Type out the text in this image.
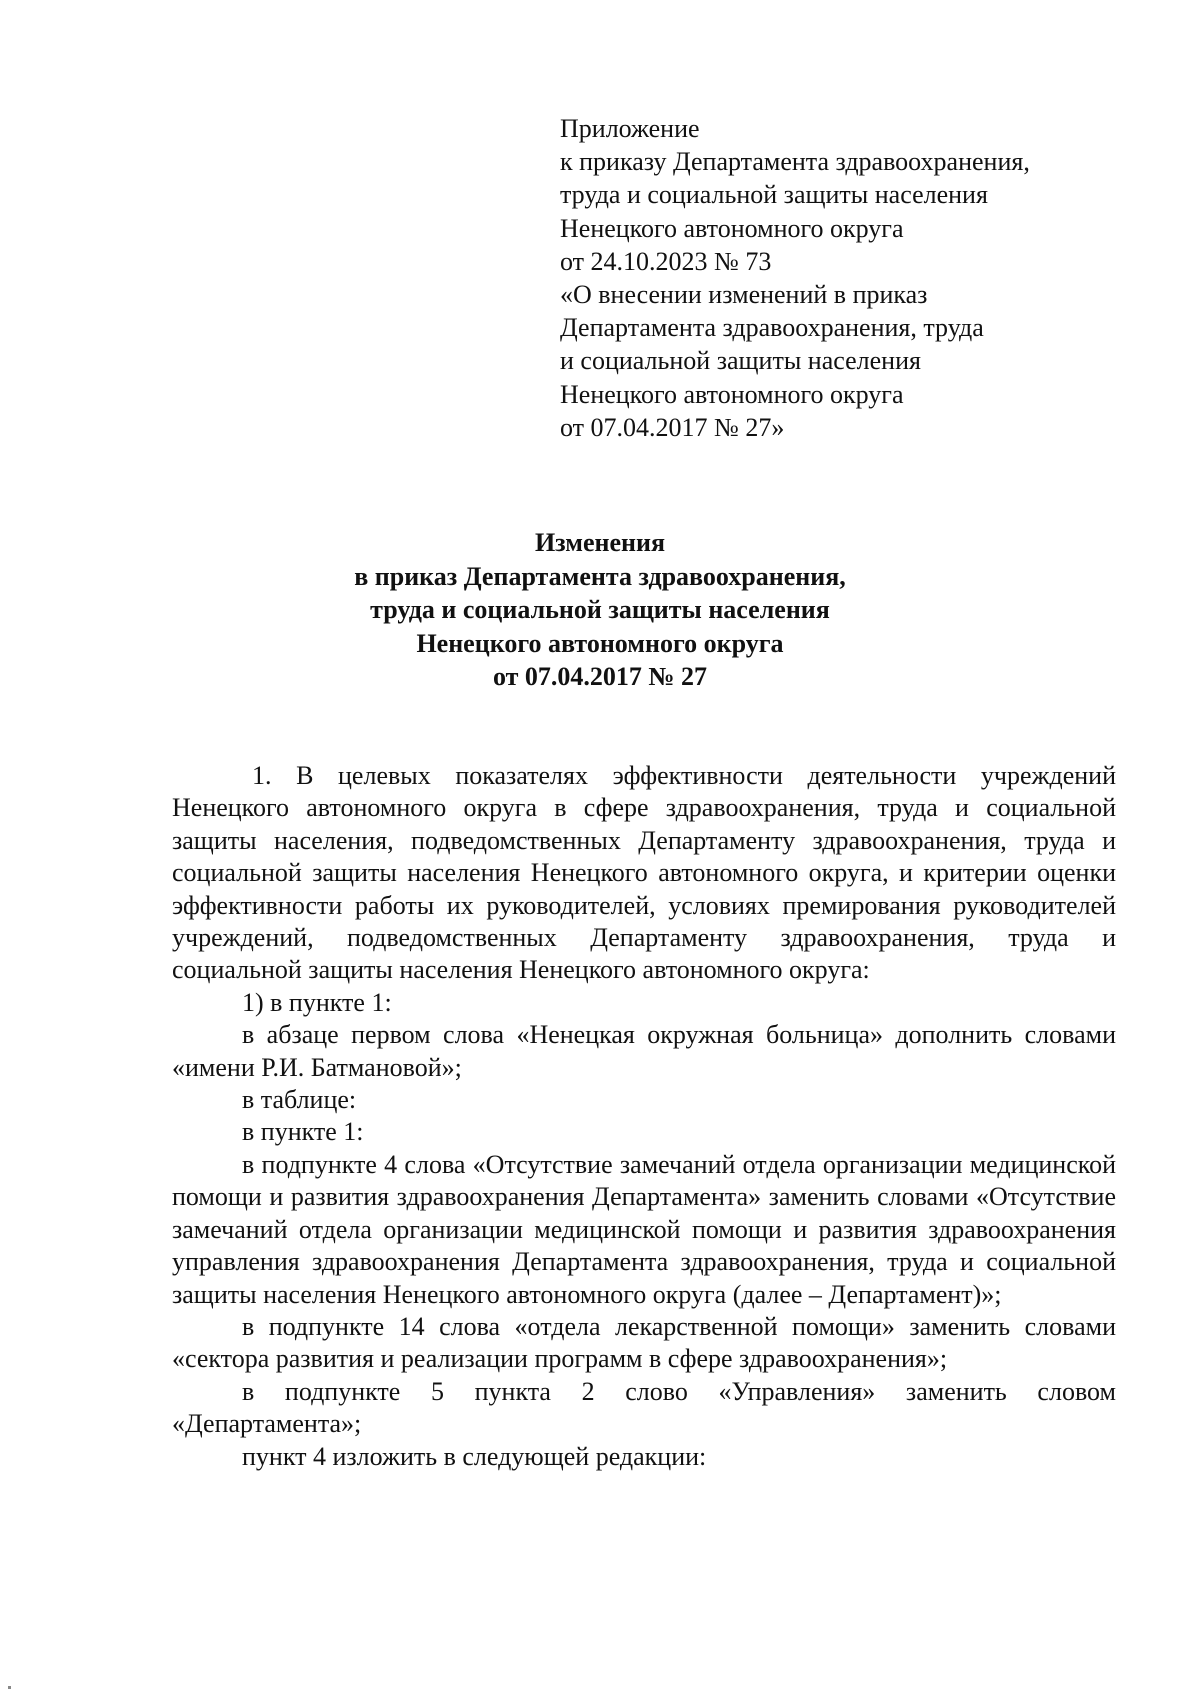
Приложение
к приказу Департамента здравоохранения,
труда и социальной защиты населения
Ненецкого автономного округа
от 24.10.2023 № 73
«О внесении изменений в приказ
Департамента здравоохранения, труда
и социальной защиты населения
Ненецкого автономного округа
от 07.04.2017 № 27»
Изменения
в приказ Департамента здравоохранения,
труда и социальной защиты населения
Ненецкого автономного округа
от 07.04.2017 № 27

1. В целевых показателях эффективности деятельности учреждений Ненецкого автономного округа в сфере здравоохранения, труда и социальной защиты населения, подведомственных Департаменту здравоохранения, труда и социальной защиты населения Ненецкого автономного округа, и критерии оценки эффективности работы их руководителей, условиях премирования руководителей учреждений, подведомственных Департаменту здравоохранения, труда и социальной защиты населения Ненецкого автономного округа:

1) в пункте 1:

в абзаце первом слова «Ненецкая окружная больница» дополнить словами «имени Р.И. Батмановой»;

в таблице:

в пункте 1:

в подпункте 4 слова «Отсутствие замечаний отдела организации медицинской помощи и развития здравоохранения Департамента» заменить словами «Отсутствие замечаний отдела организации медицинской помощи и развития здравоохранения управления здравоохранения Департамента здравоохранения, труда и социальной защиты населения Ненецкого автономного округа (далее – Департамент)»;

в подпункте 14 слова «отдела лекарственной помощи» заменить словами «сектора развития и реализации программ в сфере здравоохранения»;

в подпункте 5 пункта 2 слово «Управления» заменить словом «Департамента»;

пункт 4 изложить в следующей редакции:
